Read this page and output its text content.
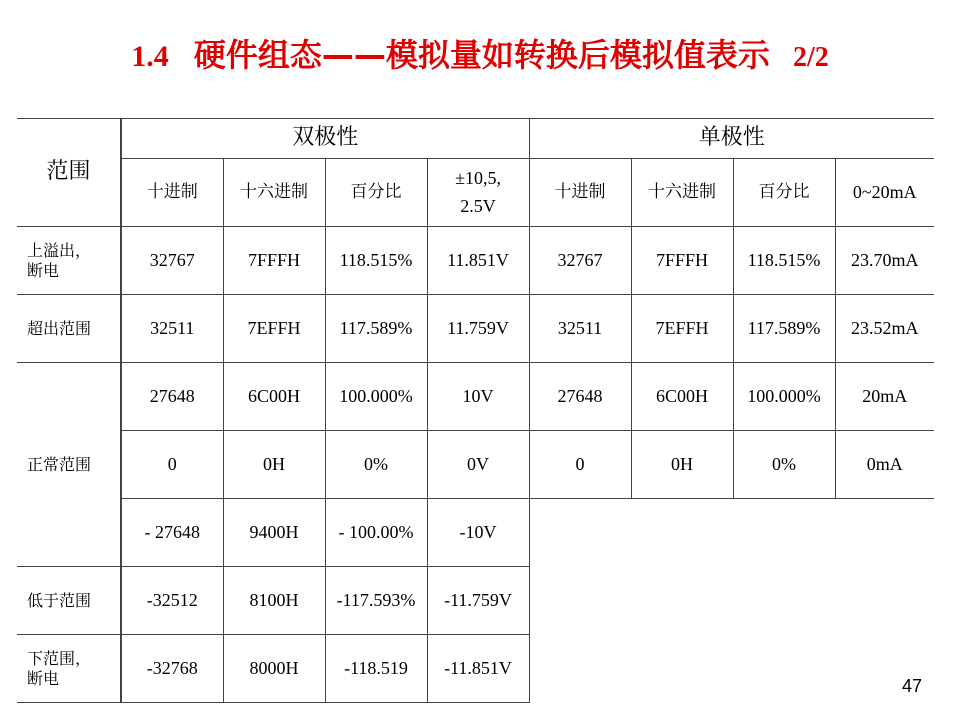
1.4 硬件组态——模拟量如转换后模拟值表示 2/2
范围	双极性				单极性			
	十进制	十六进制	百分比	±10,5,
2.5V	十进制	十六进制	百分比	0~20mA

上溢出，
断电	32767	7FFFH	118.515%	11.851V	32767	7FFFH	118.515%	23.70mA
超出范围	32511	7EFFH	117.589%	11.759V	32511	7EFFH	117.589%	23.52mA
正常范围	27648	6C00H	100.000%	10V	27648	6C00H	100.000%	20mA
	0	0H	0%	0V	0	0H	0%	0mA
	- 27648	9400H	- 100.00%	-10V				
低于范围	-32512	8100H	-117.593%	-11.759V				

下范围，
断电	-32768	8000H	-118.519	-11.851V				
47
